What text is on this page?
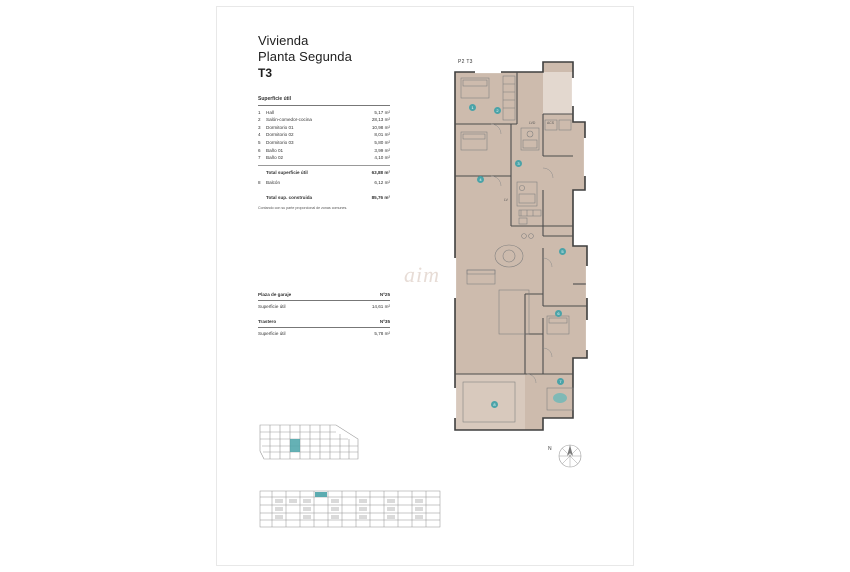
Vivienda
Planta Segunda
T3
Superficie útil
1	Hall	5,17 m²
2	Salón-comedor-cocina	28,13 m²
3	Dormitorio 01	10,98 m²
4	Dormitorio 02	8,01 m²
5	Dormitorio 03	5,80 m²
6	Baño 01	3,99 m²
7	Baño 02	4,10 m²
Total superficie útil	63,88 m²
8	Balcón	6,12 m²
Total sup. construida	85,76 m²
Contando con su parte proporcional de zonas comunes.
Plaza de garaje	Nº25
Superficie útil	14,61 m²
Trastero	Nº35
Superficie útil	5,78 m²
P2 T3
1
2
3
4
5
6
7
8
LVD	ACS
LV
aim
N
